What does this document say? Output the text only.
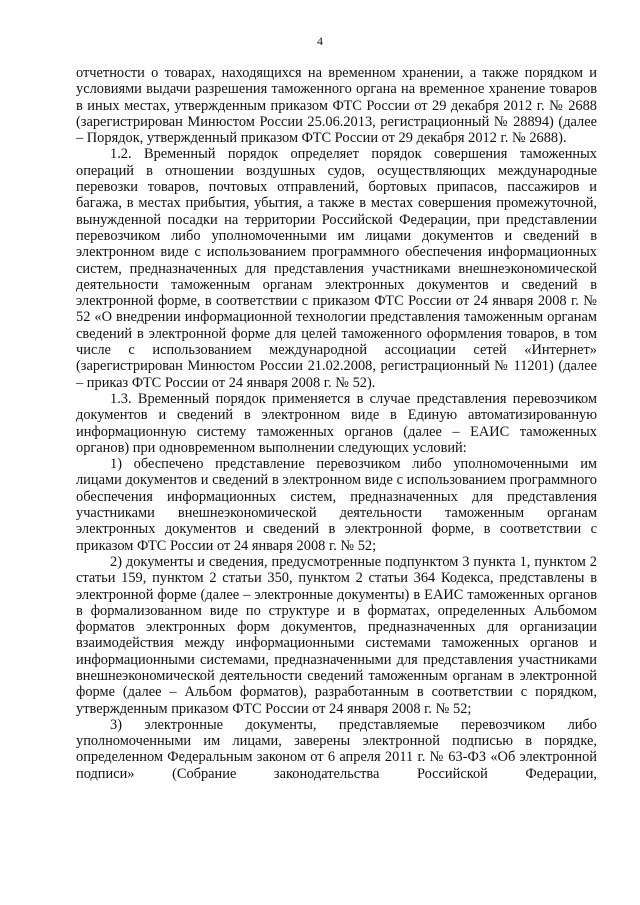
4

отчетности о товарах, находящихся на временном хранении, а также порядком и условиями выдачи разрешения таможенного органа на временное хранение товаров в иных местах, утвержденным приказом ФТС России от 29 декабря 2012 г. № 2688 (зарегистрирован Минюстом России 25.06.2013, регистрационный № 28894) (далее – Порядок, утвержденный приказом ФТС России от 29 декабря 2012 г. № 2688).

1.2. Временный порядок определяет порядок совершения таможенных операций в отношении воздушных судов, осуществляющих международные перевозки товаров, почтовых отправлений, бортовых припасов, пассажиров и багажа, в местах прибытия, убытия, а также в местах совершения промежуточной, вынужденной посадки на территории Российской Федерации, при представлении перевозчиком либо уполномоченными им лицами документов и сведений в электронном виде с использованием программного обеспечения информационных систем, предназначенных для представления участниками внешнеэкономической деятельности таможенным органам электронных документов и сведений в электронной форме, в соответствии с приказом ФТС России от 24 января 2008 г. № 52 «О внедрении информационной технологии представления таможенным органам сведений в электронной форме для целей таможенного оформления товаров, в том числе с использованием международной ассоциации сетей «Интернет» (зарегистрирован Минюстом России 21.02.2008, регистрационный № 11201) (далее – приказ ФТС России от 24 января 2008 г. № 52).

1.3. Временный порядок применяется в случае представления перевозчиком документов и сведений в электронном виде в Единую автоматизированную информационную систему таможенных органов (далее – ЕАИС таможенных органов) при одновременном выполнении следующих условий:

1) обеспечено представление перевозчиком либо уполномоченными им лицами документов и сведений в электронном виде с использованием программного обеспечения информационных систем, предназначенных для представления участниками внешнеэкономической деятельности таможенным органам электронных документов и сведений в электронной форме, в соответствии с приказом ФТС России от 24 января 2008 г. № 52;

2) документы и сведения, предусмотренные подпунктом 3 пункта 1, пунктом 2 статьи 159, пунктом 2 статьи 350, пунктом 2 статьи 364 Кодекса, представлены в электронной форме (далее – электронные документы) в ЕАИС таможенных органов в формализованном виде по структуре и в форматах, определенных Альбомом форматов электронных форм документов, предназначенных для организации взаимодействия между информационными системами таможенных органов и информационными системами, предназначенными для представления участниками внешнеэкономической деятельности сведений таможенным органам в электронной форме (далее – Альбом форматов), разработанным в соответствии с порядком, утвержденным приказом ФТС России от 24 января 2008 г. № 52;

3) электронные документы, представляемые перевозчиком либо уполномоченными им лицами, заверены электронной подписью в порядке, определенном Федеральным законом от 6 апреля 2011 г. № 63-ФЗ «Об электронной подписи» (Собрание законодательства Российской Федерации,
